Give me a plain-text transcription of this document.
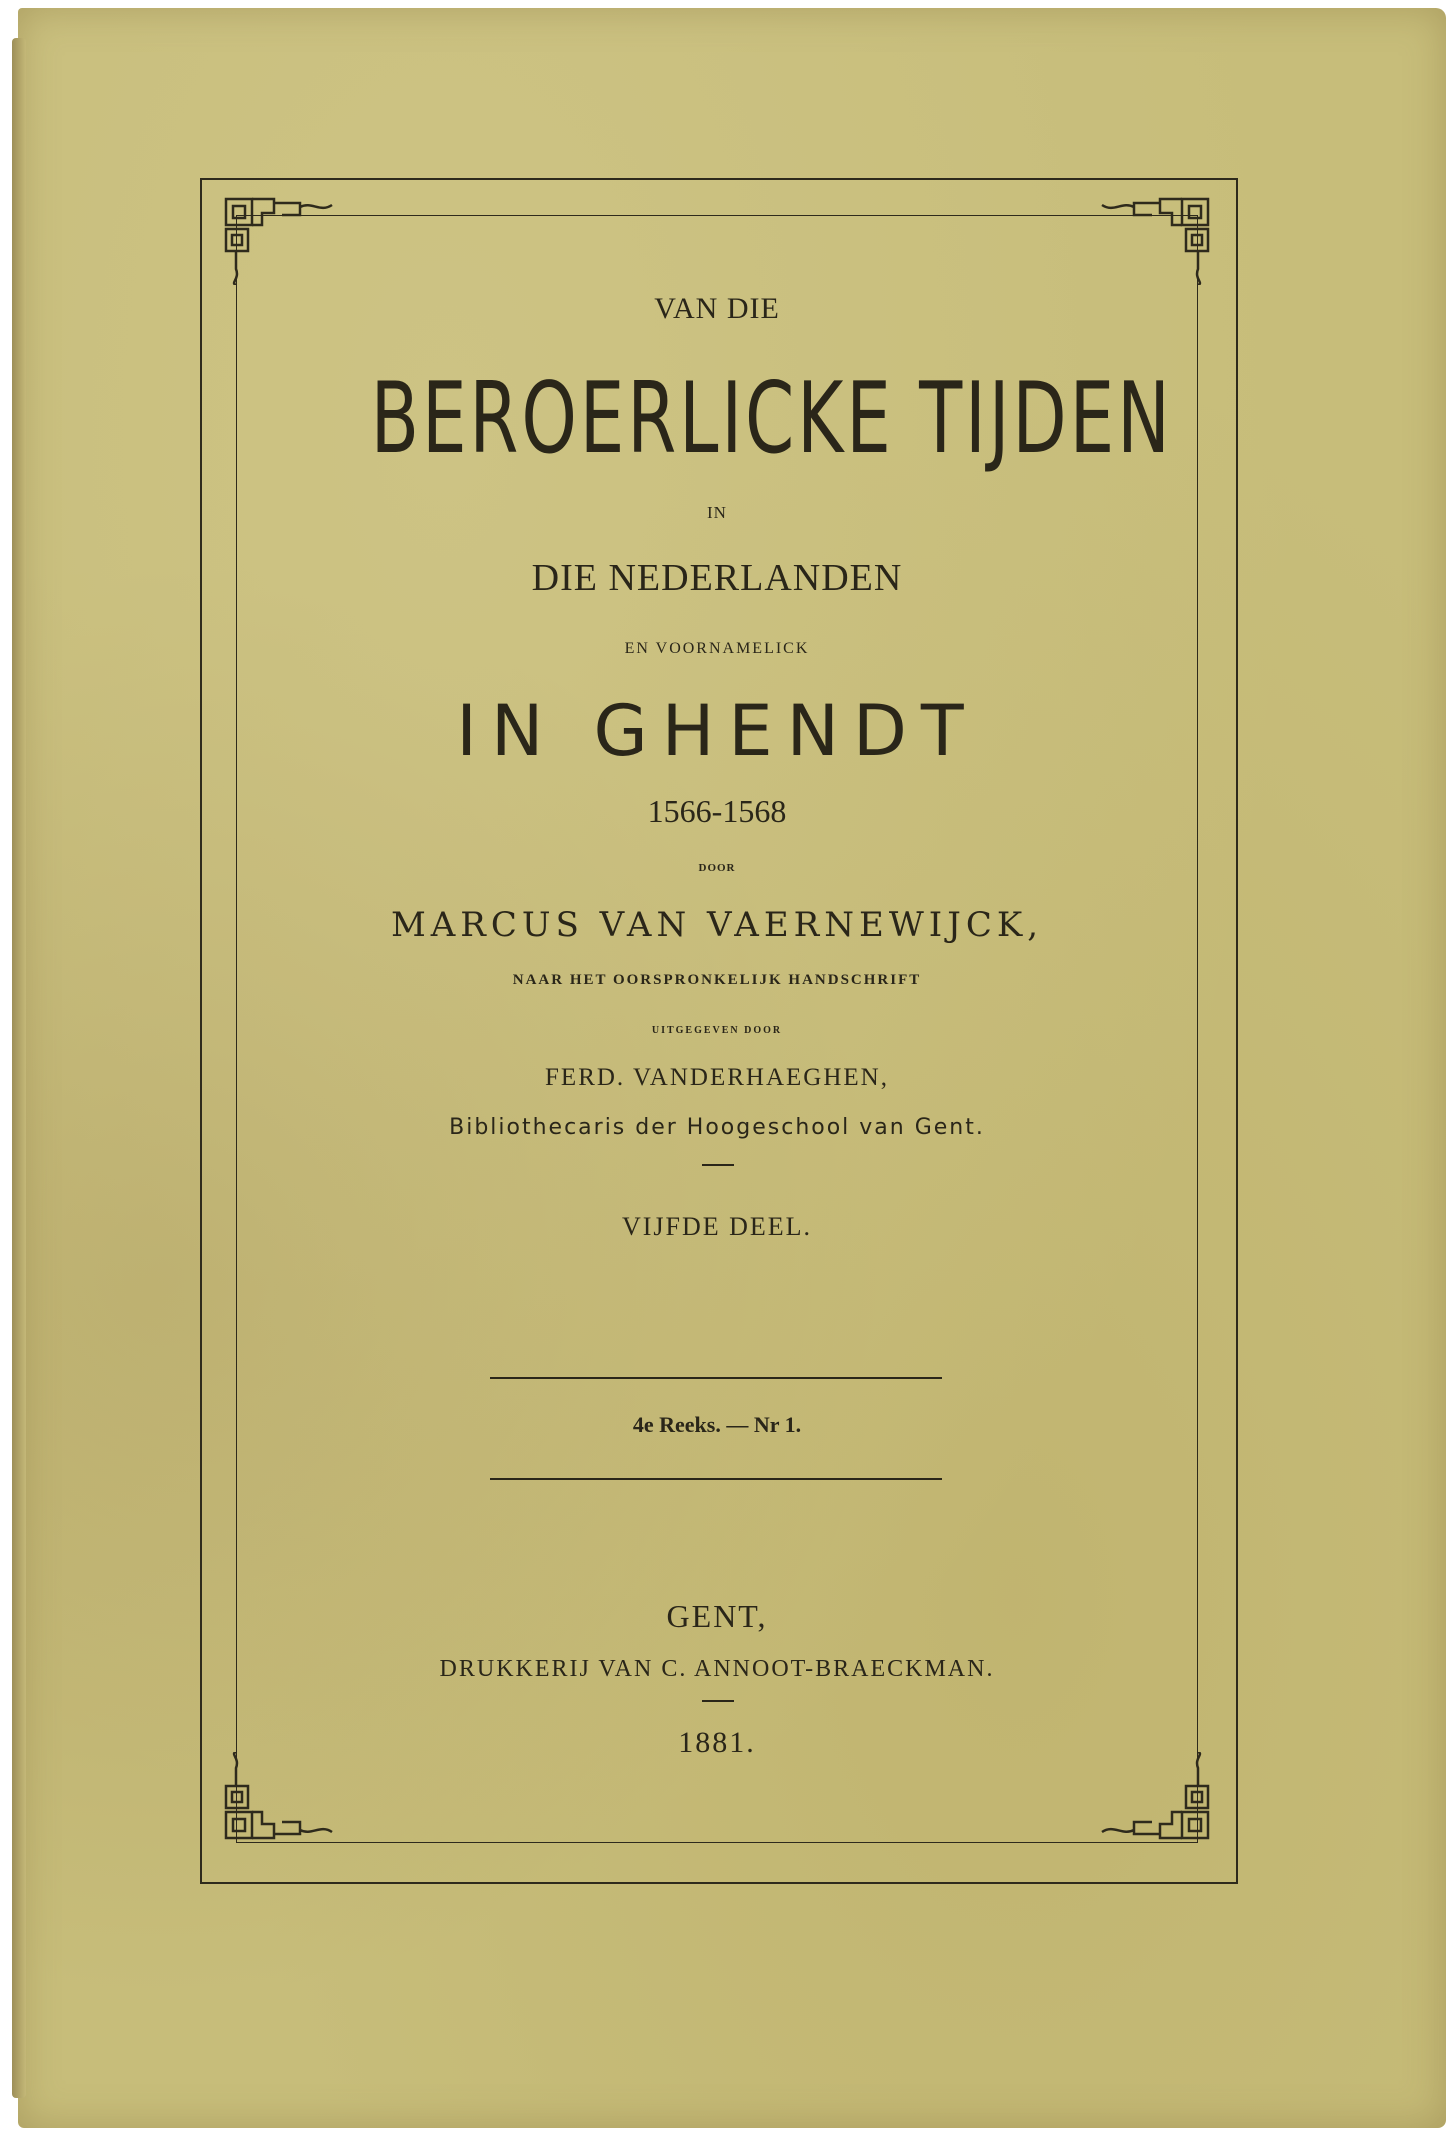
VAN DIE
BEROERLICKE TIJDEN
IN
DIE NEDERLANDEN
EN VOORNAMELICK
IN GHENDT
1566-1568
DOOR
MARCUS VAN VAERNEWIJCK,
NAAR HET OORSPRONKELIJK HANDSCHRIFT
UITGEGEVEN DOOR
FERD. VANDERHAEGHEN,
Bibliothecaris der Hoogeschool van Gent.
VIJFDE DEEL.
4e Reeks. — Nr 1.
GENT,
DRUKKERIJ VAN C. ANNOOT-BRAECKMAN.
1881.
